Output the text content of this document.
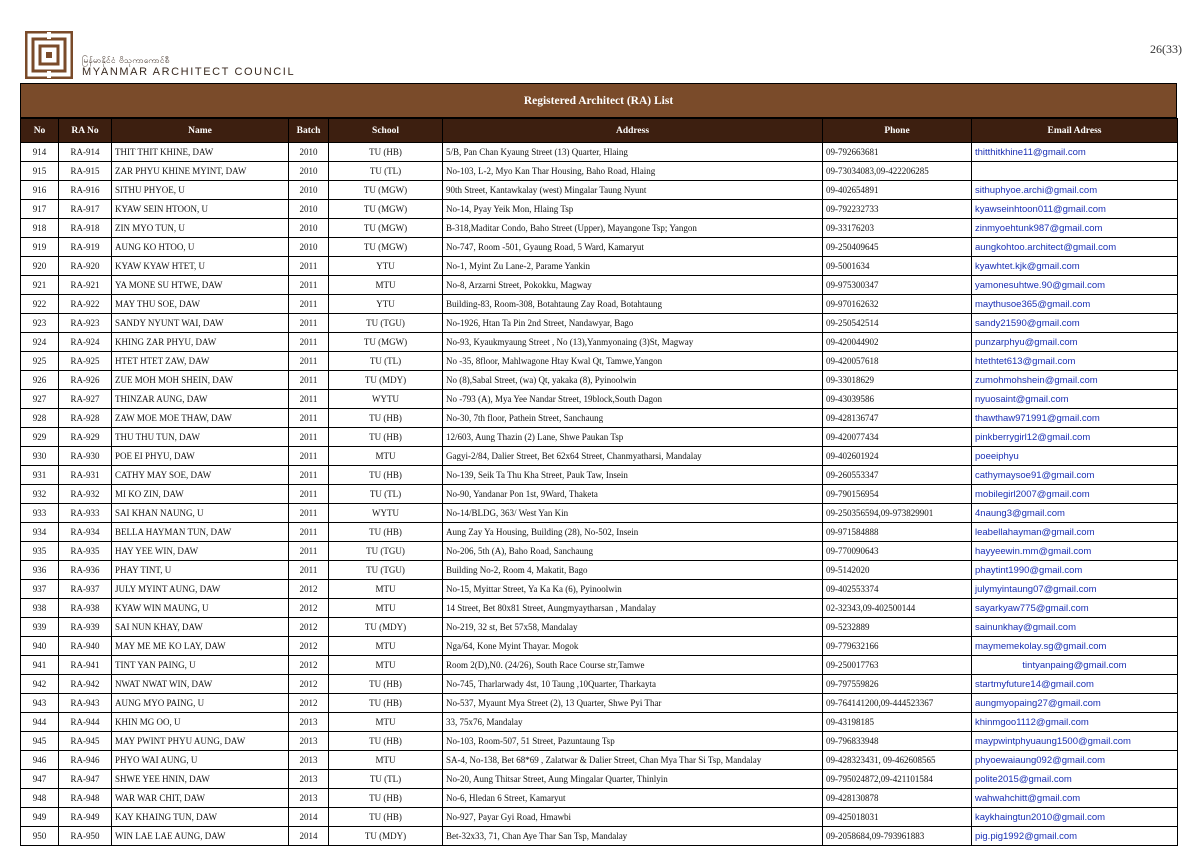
မြန်မာနိုင်ငံ ဗိသုကာကောင်စီ
MYANMAR ARCHITECT COUNCIL
26(33)
Registered Architect (RA) List
No	RA No	Name	Batch	School	Address	Phone	Email Adress
914	RA-914	THIT THIT KHINE, DAW	2010	TU (HB)	5/B, Pan Chan Kyaung Street (13) Quarter, Hlaing	09-792663681	thitthitkhine11@gmail.com
915	RA-915	ZAR PHYU KHINE MYINT, DAW	2010	TU (TL)	No-103, L-2, Myo Kan Thar Housing, Baho Road, Hlaing	09-73034083,09-422206285	
916	RA-916	SITHU PHYOE, U	2010	TU (MGW)	90th Street, Kantawkalay (west) Mingalar Taung Nyunt	09-402654891	sithuphyoe.archi@gmail.com
917	RA-917	KYAW SEIN HTOON, U	2010	TU (MGW)	No-14, Pyay Yeik Mon, Hlaing Tsp	09-792232733	kyawseinhtoon011@gmail.com
918	RA-918	ZIN MYO TUN, U	2010	TU (MGW)	B-318,Maditar Condo, Baho Street (Upper), Mayangone Tsp; Yangon	09-33176203	zinmyoehtunk987@gmail.com
919	RA-919	AUNG KO HTOO, U	2010	TU (MGW)	No-747, Room -501, Gyaung Road, 5 Ward, Kamaryut	09-250409645	aungkohtoo.architect@gmail.com
920	RA-920	KYAW KYAW HTET, U	2011	YTU	No-1, Myint Zu Lane-2, Parame Yankin	09-5001634	kyawhtet.kjk@gmail.com
921	RA-921	YA MONE SU HTWE, DAW	2011	MTU	No-8, Arzarni Street, Pokokku, Magway	09-975300347	yamonesuhtwe.90@gmail.com
922	RA-922	MAY THU SOE, DAW	2011	YTU	Building-83, Room-308, Botahtaung Zay Road, Botahtaung	09-970162632	maythusoe365@gmail.com
923	RA-923	SANDY NYUNT WAI, DAW	2011	TU (TGU)	No-1926, Htan Ta Pin 2nd Street, Nandawyar, Bago	09-250542514	sandy21590@gmail.com
924	RA-924	KHING ZAR PHYU, DAW	2011	TU (MGW)	No-93, Kyaukmyaung Street , No (13),Yanmyonaing (3)St, Magway	09-420044902	punzarphyu@gmail.com
925	RA-925	HTET HTET ZAW, DAW	2011	TU (TL)	No -35, 8floor, Mahlwagone Htay Kwal Qt, Tamwe,Yangon	09-420057618	htethtet613@gmail.com
926	RA-926	ZUE MOH MOH SHEIN, DAW	2011	TU (MDY)	No (8),Sabal Street, (wa) Qt, yakaka (8), Pyinoolwin	09-33018629	zumohmohshein@gmail.com
927	RA-927	THINZAR AUNG, DAW	2011	WYTU	No -793 (A), Mya Yee Nandar Street, 19block,South Dagon	09-43039586	nyuosaint@gmail.com
928	RA-928	ZAW MOE MOE THAW, DAW	2011	TU (HB)	No-30, 7th floor, Pathein Street, Sanchaung	09-428136747	thawthaw971991@gmail.com
929	RA-929	THU THU TUN, DAW	2011	TU (HB)	12/603, Aung Thazin (2) Lane, Shwe Paukan Tsp	09-420077434	pinkberrygirl12@gmail.com
930	RA-930	POE EI PHYU, DAW	2011	MTU	Gagyi-2/84, Dalier Street, Bet 62x64 Street, Chanmyatharsi, Mandalay	09-402601924	poeeiphyu
931	RA-931	CATHY MAY SOE, DAW	2011	TU (HB)	No-139, Seik Ta Thu Kha Street, Pauk Taw, Insein	09-260553347	cathymaysoe91@gmail.com
932	RA-932	MI KO ZIN, DAW	2011	TU (TL)	No-90, Yandanar Pon 1st, 9Ward, Thaketa	09-790156954	mobilegirl2007@gmail.com
933	RA-933	SAI KHAN NAUNG, U	2011	WYTU	No-14/BLDG, 363/ West Yan Kin	09-250356594,09-973829901	4naung3@gmail.com
934	RA-934	BELLA HAYMAN TUN, DAW	2011	TU (HB)	Aung Zay Ya Housing, Building (28), No-502, Insein	09-971584888	leabellahayman@gmail.com
935	RA-935	HAY YEE WIN, DAW	2011	TU (TGU)	No-206, 5th (A), Baho Road, Sanchaung	09-770090643	hayyeewin.mm@gmail.com
936	RA-936	PHAY TINT, U	2011	TU (TGU)	Building No-2, Room 4, Makatit, Bago	09-5142020	phaytint1990@gmail.com
937	RA-937	JULY MYINT AUNG, DAW	2012	MTU	No-15, Myittar Street, Ya Ka Ka (6), Pyinoolwin	09-402553374	julymyintaung07@gmail.com
938	RA-938	KYAW WIN MAUNG, U	2012	MTU	14 Street, Bet 80x81 Street, Aungmyaytharsan , Mandalay	02-32343,09-402500144	sayarkyaw775@gmail.com
939	RA-939	SAI NUN KHAY, DAW	2012	TU (MDY)	No-219, 32 st, Bet 57x58, Mandalay	09-5232889	sainunkhay@gmail.com
940	RA-940	MAY ME ME KO LAY, DAW	2012	MTU	Nga/64, Kone Myint Thayar. Mogok	09-779632166	maymemekolay.sg@gmail.com
941	RA-941	TINT YAN PAING, U	2012	MTU	Room 2(D),N0. (24/26), South Race Course str,Tamwe	09-250017763	tintyanpaing@gmail.com
942	RA-942	NWAT NWAT WIN, DAW	2012	TU (HB)	No-745, Tharlarwady 4st, 10 Taung ,10Quarter, Tharkayta	09-797559826	startmyfuture14@gmail.com
943	RA-943	AUNG MYO PAING, U	2012	TU (HB)	No-537, Myaunt Mya Street (2), 13 Quarter, Shwe Pyi Thar	09-764141200,09-444523367	aungmyopaing27@gmail.com
944	RA-944	KHIN MG OO, U	2013	MTU	33, 75x76, Mandalay	09-43198185	khinmgoo1112@gmail.com
945	RA-945	MAY PWINT PHYU AUNG, DAW	2013	TU (HB)	No-103, Room-507, 51 Street, Pazuntaung Tsp	09-796833948	maypwintphyuaung1500@gmail.com
946	RA-946	PHYO WAI AUNG, U	2013	MTU	SA-4, No-138, Bet 68*69 , Zalatwar & Dalier Street, Chan Mya Thar Si Tsp, Mandalay	09-428323431, 09-462608565	phyoewaiaung092@gmail.com
947	RA-947	SHWE YEE HNIN, DAW	2013	TU (TL)	No-20, Aung Thitsar Street, Aung Mingalar Quarter, Thinlyin	09-795024872,09-421101584	polite2015@gmail.com
948	RA-948	WAR WAR CHIT, DAW	2013	TU (HB)	No-6, Hledan 6 Street, Kamaryut	09-428130878	wahwahchitt@gmail.com
949	RA-949	KAY KHAING TUN, DAW	2014	TU (HB)	No-927, Payar Gyi Road, Hmawbi	09-425018031	kaykhaingtun2010@gmail.com
950	RA-950	WIN LAE LAE AUNG, DAW	2014	TU (MDY)	Bet-32x33, 71, Chan Aye Thar San Tsp, Mandalay	09-2058684,09-793961883	pig.pig1992@gmail.com
